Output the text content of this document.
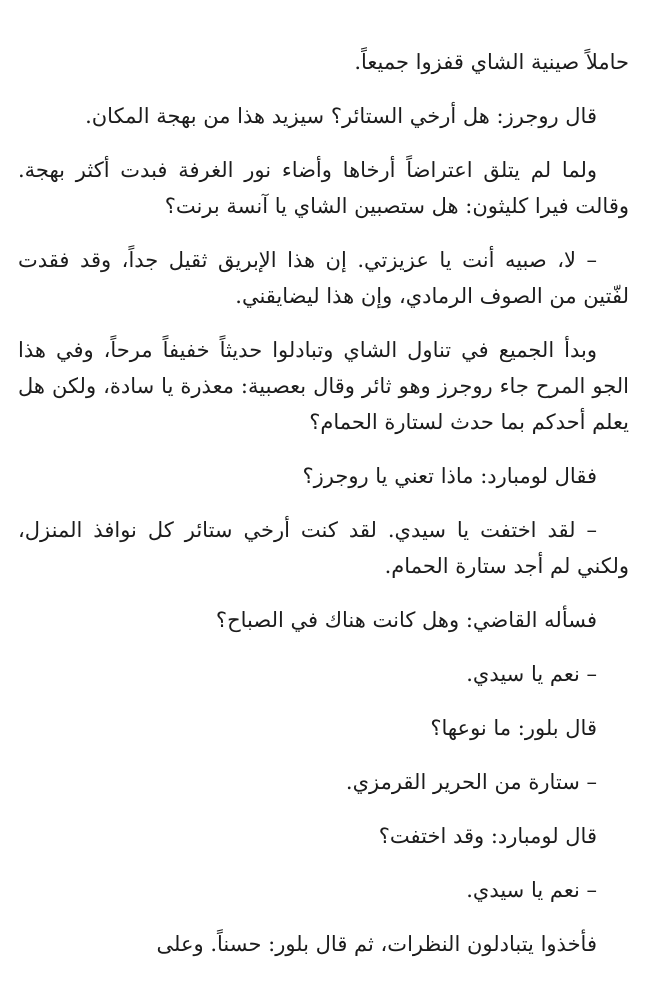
حاملاً صينية الشاي قفزوا جميعاً.

قال روجرز: هل أرخي الستائر؟ سيزيد هذا من بهجة المكان.

ولما لم يتلق اعتراضاً أرخاها وأضاء نور الغرفة فبدت أكثر بهجة. وقالت فيرا كليثون: هل ستصبين الشاي يا آنسة برنت؟

– لا، صبيه أنت يا عزيزتي. إن هذا الإبريق ثقيل جداً، وقد فقدت لفّتين من الصوف الرمادي، وإن هذا ليضايقني.

وبدأ الجميع في تناول الشاي وتبادلوا حديثاً خفيفاً مرحاً، وفي هذا الجو المرح جاء روجرز وهو ثائر وقال بعصبية: معذرة يا سادة، ولكن هل يعلم أحدكم بما حدث لستارة الحمام؟

فقال لومبارد: ماذا تعني يا روجرز؟

– لقد اختفت يا سيدي. لقد كنت أرخي ستائر كل نوافذ المنزل، ولكني لم أجد ستارة الحمام.

فسأله القاضي: وهل كانت هناك في الصباح؟

– نعم يا سيدي.

قال بلور: ما نوعها؟

– ستارة من الحرير القرمزي.

قال لومبارد: وقد اختفت؟

– نعم يا سيدي.

فأخذوا يتبادلون النظرات، ثم قال بلور: حسناً. وعلى
